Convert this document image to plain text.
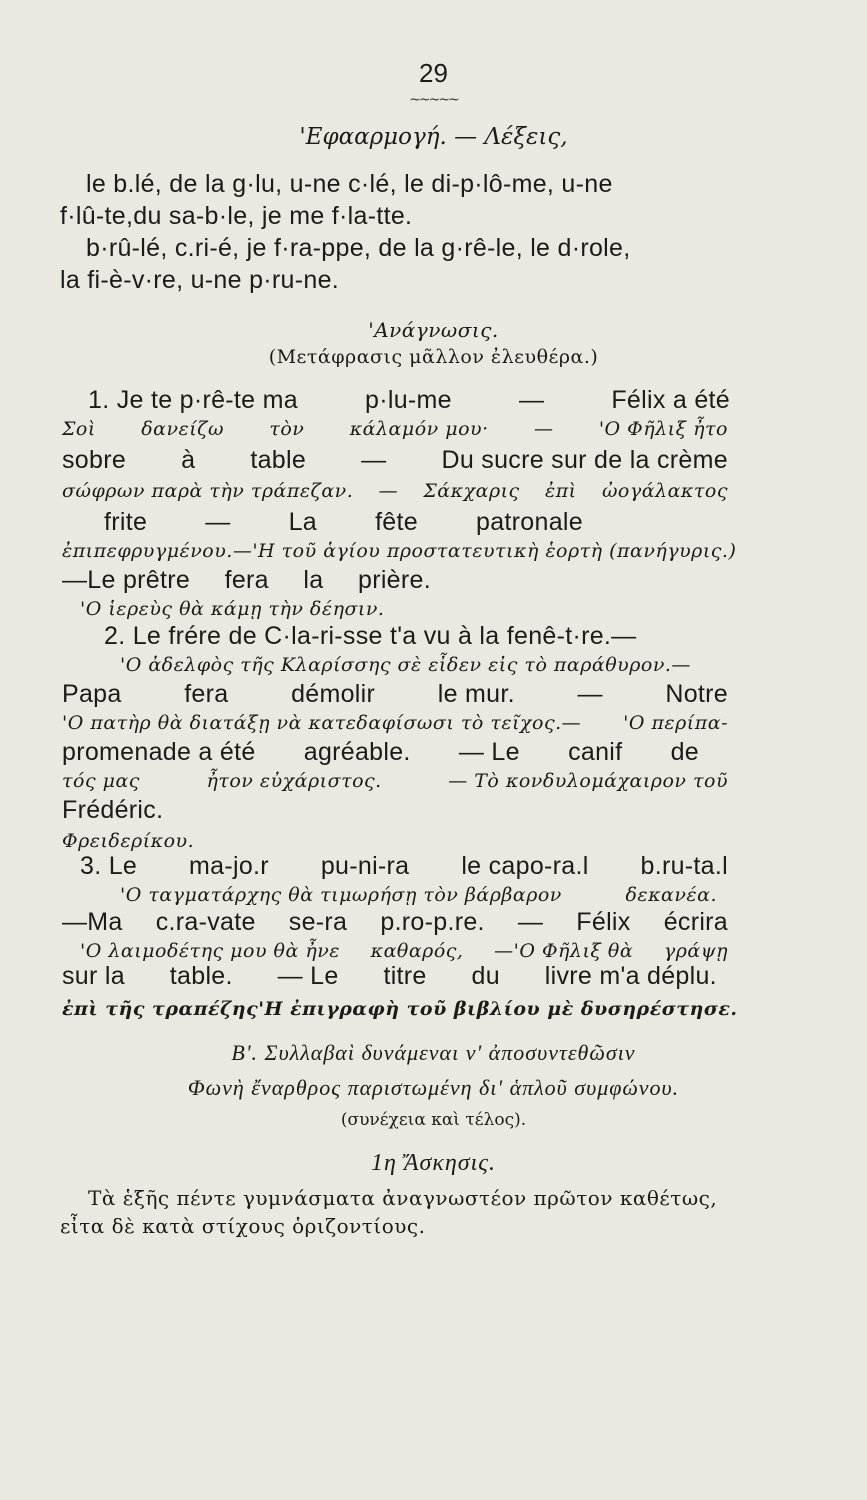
29
~~~~~
'Εφααρμογή. — Λέξεις,
le b.lé, de la g·lu, u-ne c·lé, le di-p·lô-me, u-ne
f·lû-te,du sa-b·le, je me f·la-tte.
b·rû-lé, c.ri-é, je f·ra-ppe, de la g·rê-le, le d·role,
la fi-è-v·re, u-ne p·ru-ne.
'Ανάγνωσις.
(Μετάφρασις μᾶλλον ἐλευθέρα.)
1. Je te p·rê-te ma	p·lu-me	—	Félix a été
Σοὶ δανείζω τὸν κάλαμόν μου· — 'Ο Φῆλιξ ἦτο
sobre à table — Du sucre sur de la crème
σώφρων παρὰ τὴν τράπεζαν. — Σάκχαρις ἐπὶ ὠογάλακτος
frite — La fête patronale
ἐπιπεφρυγμένου.—'Η τοῦ ἁγίου προστατευτικὴ ἑορτὴ (πανήγυρις.)
—Le prêtre fera la prière.
'Ο ἱερεὺς θὰ κάμῃ τὴν δέησιν.
2. Le frére de C·la-ri-sse t'a vu à la fenê-t·re.—
'Ο ἀδελφὸς τῆς Κλαρίσσης σὲ εἶδεν εἰς τὸ παράθυρον.—
Papa	fera	démolir	le mur.	—	Notre
'Ο πατὴρ θὰ διατάξῃ νὰ κατεδαφίσωσι τὸ τεῖχος.— 'Ο περίπα-
promenade a été agréable. — Le canif de
τός μας	ἦτον εὐχάριστος.	— Τὸ κονδυλομάχαιρον τοῦ
Frédéric.
Φρειδερίκου.
3. Le ma-jo.r pu-ni-ra le capo-ra.l b.ru-ta.l
'Ο ταγματάρχης θὰ τιμωρήσῃ τὸν βάρβαρον	δεκανέα.
—Ma c.ra-vate se-ra p.ro-p.re. — Félix écrira
'Ο λαιμοδέτης μου θὰ ἦνε καθαρός, —'Ο Φῆλιξ θὰ γράψῃ
sur la table. — Le titre du livre m'a déplu.
ἐπὶ τῆς τραπέζης 'Η ἐπιγραφὴ τοῦ βιβλίου μὲ δυσηρέστησε.
Β'. Συλλαβαὶ δυνάμεναι ν' ἀποσυντεθῶσιν
Φωνὴ ἔναρθρος παριστωμένη δι' ἁπλοῦ συμφώνου.
(συνέχεια καὶ τέλος).
1η Ἄσκησις.
Τὰ ἑξῆς πέντε γυμνάσματα ἀναγνωστέον πρῶτον καθέτως,
εἶτα δὲ κατὰ στίχους ὁριζοντίους.
